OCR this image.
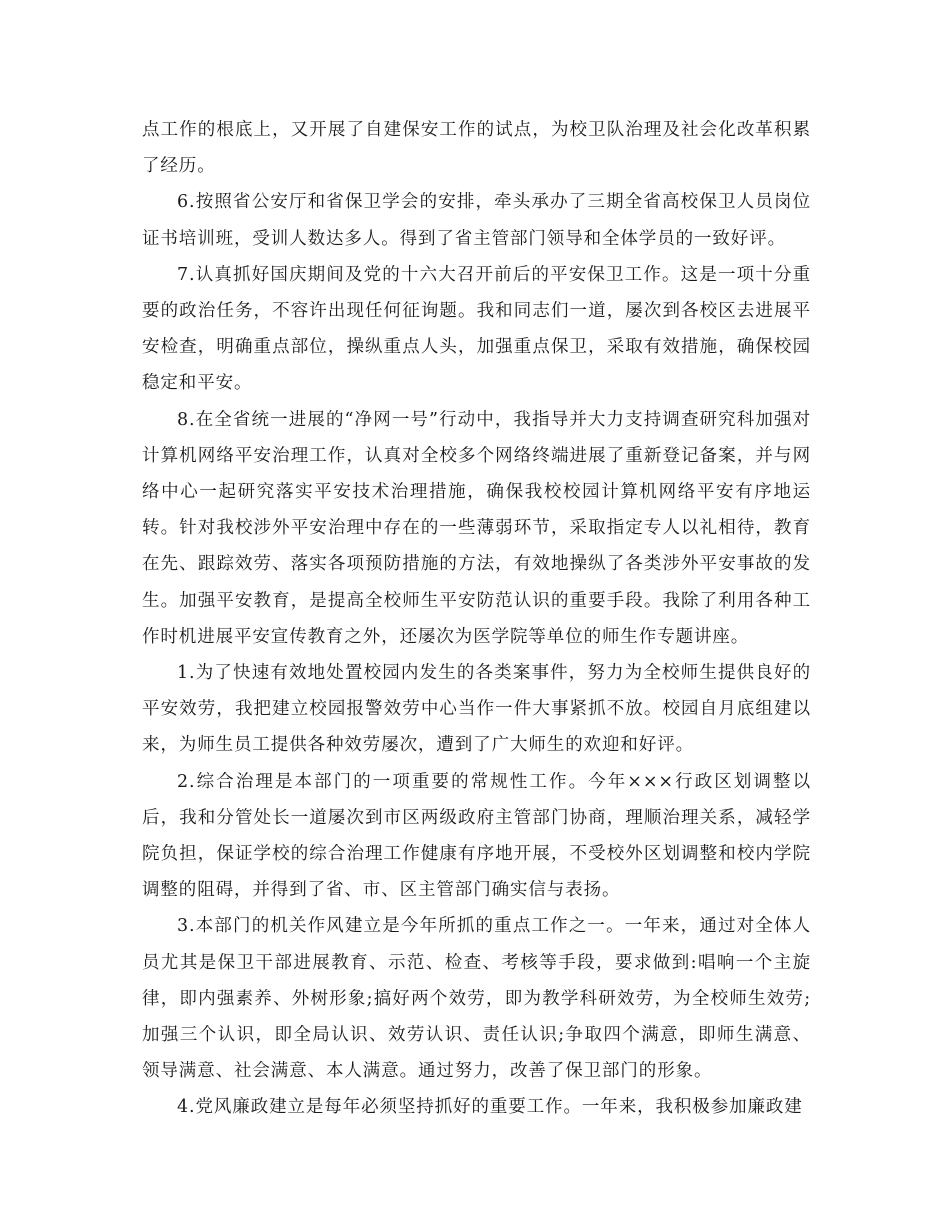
点工作的根底上，又开展了自建保安工作的试点，为校卫队治理及社会化改革积累了经历。

6.按照省公安厅和省保卫学会的安排，牵头承办了三期全省高校保卫人员岗位证书培训班，受训人数达多人。得到了省主管部门领导和全体学员的一致好评。

7.认真抓好国庆期间及党的十六大召开前后的平安保卫工作。这是一项十分重要的政治任务，不容许出现任何征询题。我和同志们一道，屡次到各校区去进展平安检查，明确重点部位，操纵重点人头，加强重点保卫，采取有效措施，确保校园稳定和平安。

8.在全省统一进展的“净网一号”行动中，我指导并大力支持调查研究科加强对计算机网络平安治理工作，认真对全校多个网络终端进展了重新登记备案，并与网络中心一起研究落实平安技术治理措施，确保我校校园计算机网络平安有序地运转。针对我校涉外平安治理中存在的一些薄弱环节，采取指定专人以礼相待，教育在先、跟踪效劳、落实各项预防措施的方法，有效地操纵了各类涉外平安事故的发生。加强平安教育，是提高全校师生平安防范认识的重要手段。我除了利用各种工作时机进展平安宣传教育之外，还屡次为医学院等单位的师生作专题讲座。

1.为了快速有效地处置校园内发生的各类案事件，努力为全校师生提供良好的平安效劳，我把建立校园报警效劳中心当作一件大事紧抓不放。校园自月底组建以来，为师生员工提供各种效劳屡次，遭到了广大师生的欢迎和好评。

2.综合治理是本部门的一项重要的常规性工作。今年×××行政区划调整以后，我和分管处长一道屡次到市区两级政府主管部门协商，理顺治理关系，减轻学院负担，保证学校的综合治理工作健康有序地开展，不受校外区划调整和校内学院调整的阻碍，并得到了省、市、区主管部门确实信与表扬。

3.本部门的机关作风建立是今年所抓的重点工作之一。一年来，通过对全体人员尤其是保卫干部进展教育、示范、检查、考核等手段，要求做到:唱响一个主旋律，即内强素养、外树形象;搞好两个效劳，即为教学科研效劳，为全校师生效劳;加强三个认识，即全局认识、效劳认识、责任认识;争取四个满意，即师生满意、领导满意、社会满意、本人满意。通过努力，改善了保卫部门的形象。

4.党风廉政建立是每年必须坚持抓好的重要工作。一年来，我积极参加廉政建
